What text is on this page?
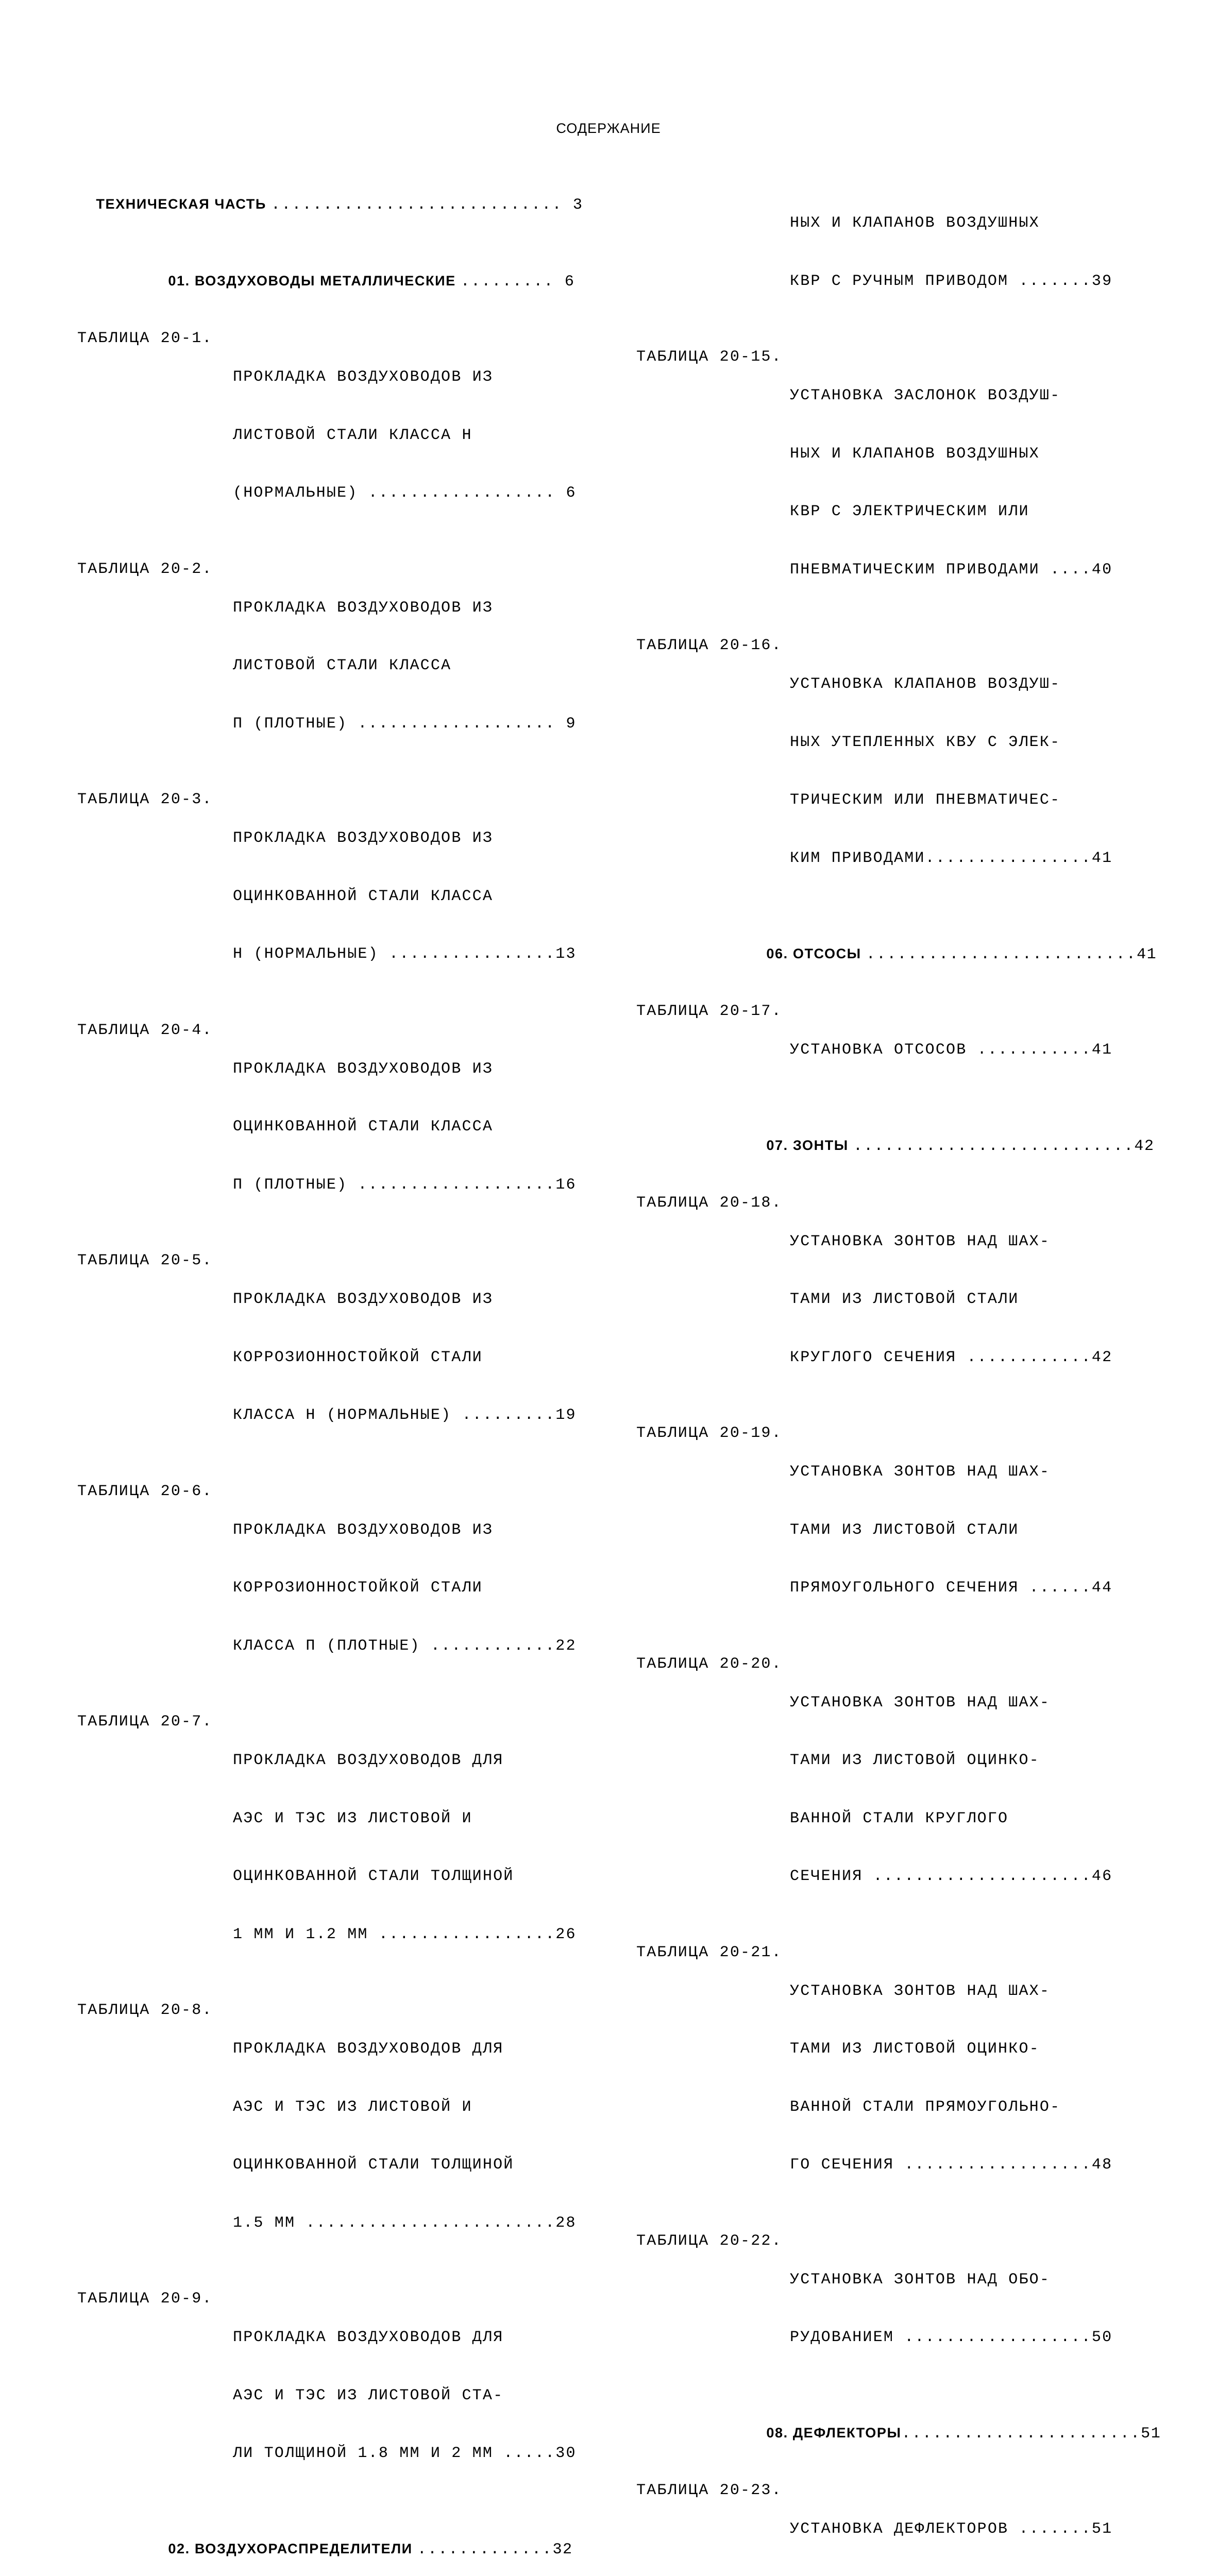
СОДЕРЖАНИЕ

ТЕХНИЧЕСКАЯ ЧАСТЬ ............................ 3

01. ВОЗДУХОВОДЫ МЕТАЛЛИЧЕСКИЕ ......... 6

ТАБЛИЦА 20-1.

ПРОКЛАДКА ВОЗДУХОВОДОВ ИЗ

ЛИСТОВОЙ СТАЛИ КЛАССА Н

(НОРМАЛЬНЫЕ) .................. 6

ТАБЛИЦА 20-2.

ПРОКЛАДКА ВОЗДУХОВОДОВ ИЗ

ЛИСТОВОЙ СТАЛИ КЛАССА

П (ПЛОТНЫЕ) ................... 9

ТАБЛИЦА 20-3.

ПРОКЛАДКА ВОЗДУХОВОДОВ ИЗ

ОЦИНКОВАННОЙ СТАЛИ КЛАССА

Н (НОРМАЛЬНЫЕ) ................13

ТАБЛИЦА 20-4.

ПРОКЛАДКА ВОЗДУХОВОДОВ ИЗ

ОЦИНКОВАННОЙ СТАЛИ КЛАССА

П (ПЛОТНЫЕ) ...................16

ТАБЛИЦА 20-5.

ПРОКЛАДКА ВОЗДУХОВОДОВ ИЗ

КОРРОЗИОННОСТОЙКОЙ СТАЛИ

КЛАССА Н (НОРМАЛЬНЫЕ) .........19

ТАБЛИЦА 20-6.

ПРОКЛАДКА ВОЗДУХОВОДОВ ИЗ

КОРРОЗИОННОСТОЙКОЙ СТАЛИ

КЛАССА П (ПЛОТНЫЕ) ............22

ТАБЛИЦА 20-7.

ПРОКЛАДКА ВОЗДУХОВОДОВ ДЛЯ

АЭС И ТЭС ИЗ ЛИСТОВОЙ И

ОЦИНКОВАННОЙ СТАЛИ ТОЛЩИНОЙ

1 ММ И 1.2 ММ .................26

ТАБЛИЦА 20-8.

ПРОКЛАДКА ВОЗДУХОВОДОВ ДЛЯ

АЭС И ТЭС ИЗ ЛИСТОВОЙ И

ОЦИНКОВАННОЙ СТАЛИ ТОЛЩИНОЙ

1.5 ММ ........................28

ТАБЛИЦА 20-9.

ПРОКЛАДКА ВОЗДУХОВОДОВ ДЛЯ

АЭС И ТЭС ИЗ ЛИСТОВОЙ СТА-

ЛИ ТОЛЩИНОЙ 1.8 ММ И 2 ММ .....30

02. ВОЗДУХОРАСПРЕДЕЛИТЕЛИ .............32

НЫХ И КЛАПАНОВ ВОЗДУШНЫХ

КВР С РУЧНЫМ ПРИВОДОМ .......39

ТАБЛИЦА 20-15.

УСТАНОВКА ЗАСЛОНОК ВОЗДУШ-

НЫХ И КЛАПАНОВ ВОЗДУШНЫХ

КВР С ЭЛЕКТРИЧЕСКИМ ИЛИ

ПНЕВМАТИЧЕСКИМ ПРИВОДАМИ ....40

ТАБЛИЦА 20-16.

УСТАНОВКА КЛАПАНОВ ВОЗДУШ-

НЫХ УТЕПЛЕННЫХ КВУ С ЭЛЕК-

ТРИЧЕСКИМ ИЛИ ПНЕВМАТИЧЕС-

КИМ ПРИВОДАМИ................41

06. ОТСОСЫ ..........................41

ТАБЛИЦА 20-17.

УСТАНОВКА ОТСОСОВ ...........41

07. ЗОНТЫ ...........................42

ТАБЛИЦА 20-18.

УСТАНОВКА ЗОНТОВ НАД ШАХ-

ТАМИ ИЗ ЛИСТОВОЙ СТАЛИ

КРУГЛОГО СЕЧЕНИЯ ............42

ТАБЛИЦА 20-19.

УСТАНОВКА ЗОНТОВ НАД ШАХ-

ТАМИ ИЗ ЛИСТОВОЙ СТАЛИ

ПРЯМОУГОЛЬНОГО СЕЧЕНИЯ ......44

ТАБЛИЦА 20-20.

УСТАНОВКА ЗОНТОВ НАД ШАХ-

ТАМИ ИЗ ЛИСТОВОЙ ОЦИНКО-

ВАННОЙ СТАЛИ КРУГЛОГО

СЕЧЕНИЯ .....................46

ТАБЛИЦА 20-21.

УСТАНОВКА ЗОНТОВ НАД ШАХ-

ТАМИ ИЗ ЛИСТОВОЙ ОЦИНКО-

ВАННОЙ СТАЛИ ПРЯМОУГОЛЬНО-

ГО СЕЧЕНИЯ ..................48

ТАБЛИЦА 20-22.

УСТАНОВКА ЗОНТОВ НАД ОБО-

РУДОВАНИЕМ ..................50

08. ДЕФЛЕКТОРЫ.......................51

ТАБЛИЦА 20-23.

УСТАНОВКА ДЕФЛЕКТОРОВ .......51
